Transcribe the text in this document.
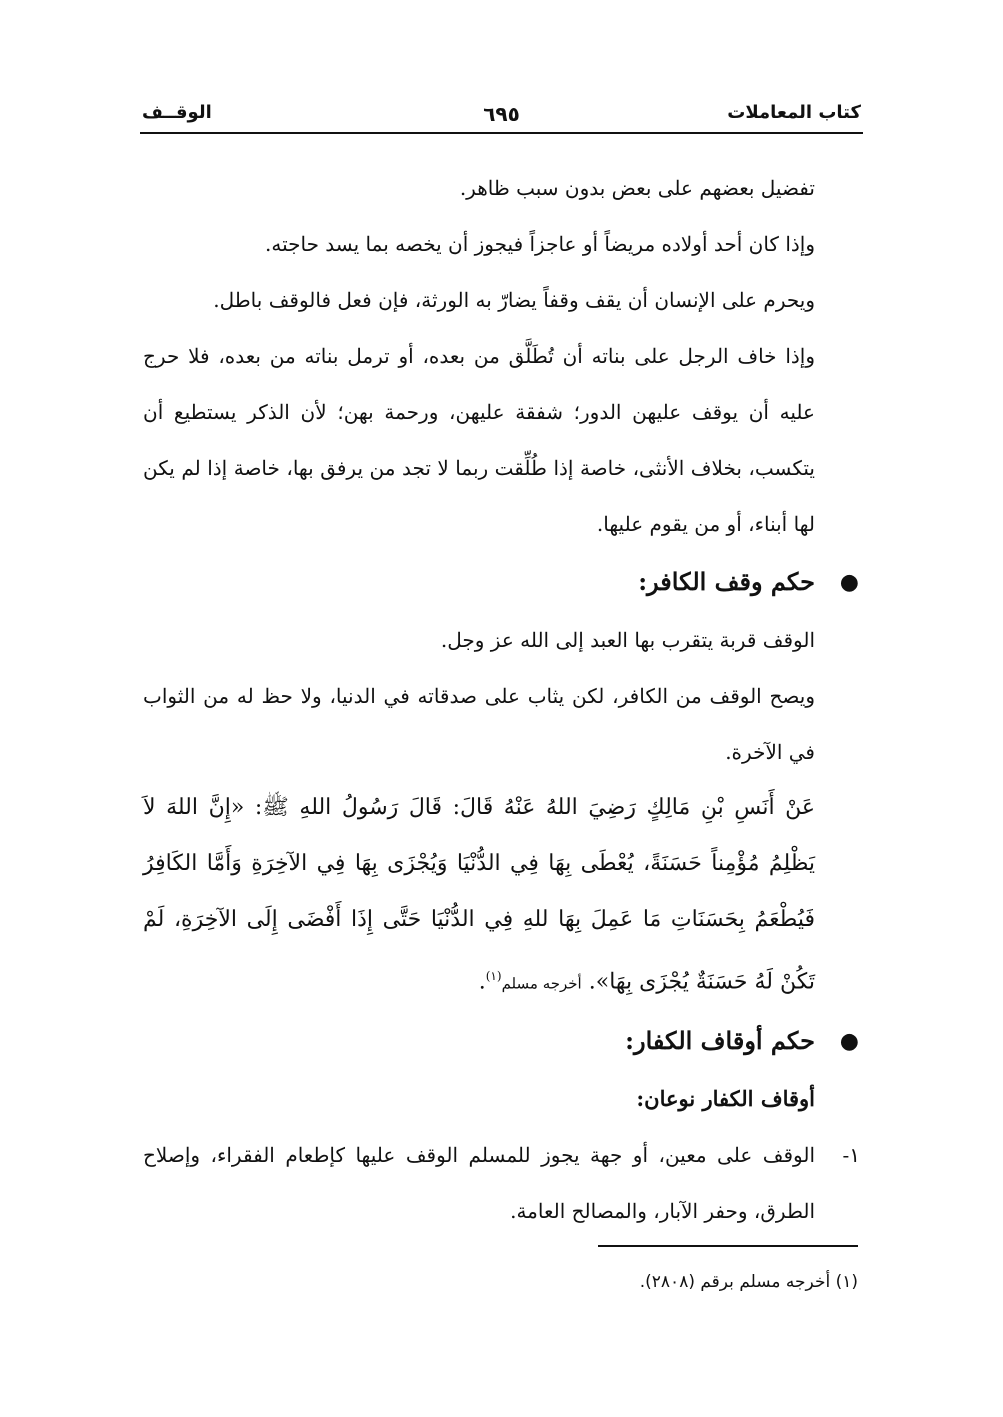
كتاب المعاملات
٦٩٥
الوقــف

تفضيل بعضهم على بعض بدون سبب ظاهر.

وإذا كان أحد أولاده مريضاً أو عاجزاً فيجوز أن يخصه بما يسد حاجته.

ويحرم على الإنسان أن يقف وقفاً يضارّ به الورثة، فإن فعل فالوقف باطل.

وإذا خاف الرجل على بناته أن تُطَلَّق من بعده، أو ترمل بناته من بعده، فلا حرج عليه أن يوقف عليهن الدور؛ شفقة عليهن، ورحمة بهن؛ لأن الذكر يستطيع أن يتكسب، بخلاف الأنثى، خاصة إذا طُلِّقت ربما لا تجد من يرفق بها، خاصة إذا لم يكن لها أبناء، أو من يقوم عليها.

●
حكم وقف الكافر:

الوقف قربة يتقرب بها العبد إلى الله عز وجل.

ويصح الوقف من الكافر، لكن يثاب على صدقاته في الدنيا، ولا حظ له من الثواب في الآخرة.

عَنْ أَنَسِ بْنِ مَالِكٍ رَضِيَ اللهُ عَنْهُ قَالَ: قَالَ رَسُولُ اللهِ ﷺ: «إِنَّ اللهَ لاَ يَظْلِمُ مُؤْمِناً حَسَنَةً، يُعْطَى بِهَا فِي الدُّنْيَا وَيُجْزَى بِهَا فِي الآخِرَةِ وَأَمَّا الكَافِرُ فَيُطْعَمُ بِحَسَنَاتِ مَا عَمِلَ بِهَا للهِ فِي الدُّنْيَا حَتَّى إِذَا أَفْضَى إِلَى الآخِرَةِ، لَمْ تَكُنْ لَهُ حَسَنَةٌ يُجْزَى بِهَا». أخرجه مسلم$^{(١)}$.

●
حكم أوقاف الكفار:

أوقاف الكفار نوعان:

١-
الوقف على معين، أو جهة يجوز للمسلم الوقف عليها كإطعام الفقراء، وإصلاح الطرق، وحفر الآبار، والمصالح العامة.

(١) أخرجه مسلم برقم (٢٨٠٨).
